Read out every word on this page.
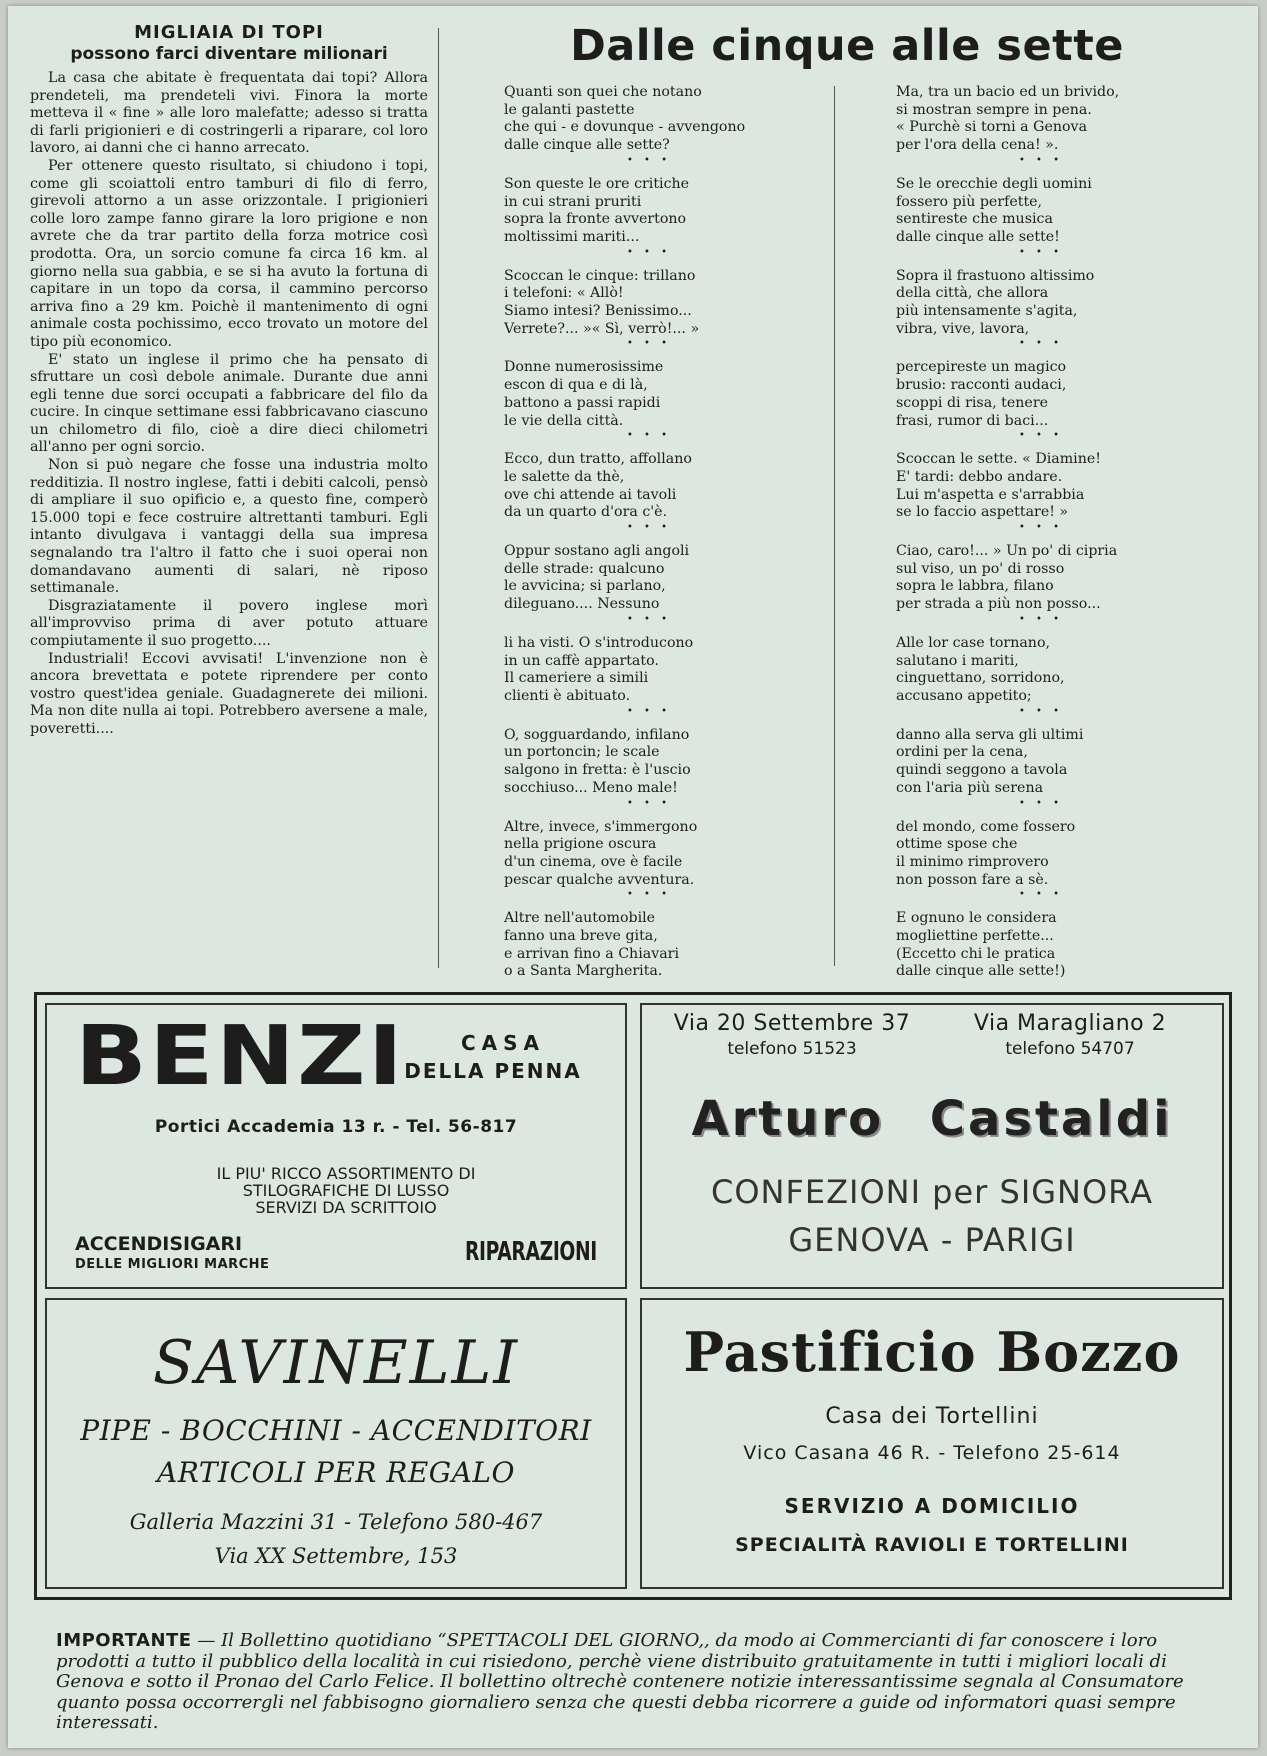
MIGLIAIA DI TOPI
possono farci diventare milionari

La casa che abitate è frequentata dai topi? Allora prendeteli, ma prendeteli vivi. Finora la morte metteva il « fine » alle loro malefatte; adesso si tratta di farli prigionieri e di costringerli a riparare, col loro lavoro, ai danni che ci hanno arrecato.

Per ottenere questo risultato, si chiudono i topi, come gli scoiattoli entro tamburi di filo di ferro, girevoli attorno a un asse orizzontale. I prigionieri colle loro zampe fanno girare la loro prigione e non avrete che da trar partito della forza motrice così prodotta. Ora, un sorcio comune fa circa 16 km. al giorno nella sua gabbia, e se si ha avuto la fortuna di capitare in un topo da corsa, il cammino percorso arriva fino a 29 km. Poichè il mantenimento di ogni animale costa pochissimo, ecco trovato un motore del tipo più economico.

E' stato un inglese il primo che ha pensato di sfruttare un così debole animale. Durante due anni egli tenne due sorci occupati a fabbricare del filo da cucire. In cinque settimane essi fabbricavano ciascuno un chilometro di filo, cioè a dire dieci chilometri all'anno per ogni sorcio.

Non si può negare che fosse una industria molto redditizia. Il nostro inglese, fatti i debiti calcoli, pensò di ampliare il suo opificio e, a questo fine, comperò 15.000 topi e fece costruire altrettanti tamburi. Egli intanto divulgava i vantaggi della sua impresa segnalando tra l'altro il fatto che i suoi operai non domandavano aumenti di salari, nè riposo settimanale.

Disgraziatamente il povero inglese morì all'improvviso prima di aver potuto attuare compiutamente il suo progetto....

Industriali! Eccovi avvisati! L'invenzione non è ancora brevettata e potete riprendere per conto vostro quest'idea geniale. Guadagnerete dei milioni. Ma non dite nulla ai topi. Potrebbero aversene a male, poveretti....

Dalle cinque alle sette
Quanti son quei che notano
le galanti pastette
che qui - e dovunque - avvengono
dalle cinque alle sette?
• • •
Son queste le ore critiche
in cui strani pruriti
sopra la fronte avvertono
moltissimi mariti...
• • •
Scoccan le cinque: trillano
i telefoni: « Allò!
Siamo intesi? Benissimo...
Verrete?... »« Sì, verrò!... »
• • •
Donne numerosissime
escon di qua e di là,
battono a passi rapidi
le vie della città.
• • •
Ecco, dun tratto, affollano
le salette da thè,
ove chi attende ai tavoli
da un quarto d'ora c'è.
• • •
Oppur sostano agli angoli
delle strade: qualcuno
le avvicina; si parlano,
dileguano.... Nessuno
• • •
li ha visti. O s'introducono
in un caffè appartato.
Il cameriere a simili
clienti è abituato.
• • •
O, sogguardando, infilano
un portoncin; le scale
salgono in fretta: è l'uscio
socchiuso... Meno male!
• • •
Altre, invece, s'immergono
nella prigione oscura
d'un cinema, ove è facile
pescar qualche avventura.
• • •
Altre nell'automobile
fanno una breve gita,
e arrivan fino a Chiavari
o a Santa Margherita.
Ma, tra un bacio ed un brivido,
si mostran sempre in pena.
« Purchè si torni a Genova
per l'ora della cena! ».
• • •
Se le orecchie degli uomini
fossero più perfette,
sentireste che musica
dalle cinque alle sette!
• • •
Sopra il frastuono altissimo
della città, che allora
più intensamente s'agita,
vibra, vive, lavora,
• • •
percepireste un magico
brusio: racconti audaci,
scoppi di risa, tenere
frasi, rumor di baci...
• • •
Scoccan le sette. « Diamine!
E' tardi: debbo andare.
Lui m'aspetta e s'arrabbia
se lo faccio aspettare! »
• • •
Ciao, caro!... » Un po' di cipria
sul viso, un po' di rosso
sopra le labbra, filano
per strada a più non posso...
• • •
Alle lor case tornano,
salutano i mariti,
cinguettano, sorridono,
accusano appetito;
• • •
danno alla serva gli ultimi
ordini per la cena,
quindi seggono a tavola
con l'aria più serena
• • •
del mondo, come fossero
ottime spose che
il minimo rimprovero
non posson fare a sè.
• • •
E ognuno le considera
mogliettine perfette...
(Eccetto chi le pratica
dalle cinque alle sette!)
BENZI	CASA
DELLA PENNA
Portici Accademia 13 r. - Tel. 56-817
IL PIU' RICCO ASSORTIMENTO DI
STILOGRAFICHE DI LUSSO
SERVIZI DA SCRITTOIO
ACCENDISIGARI
DELLE MIGLIORI MARCHE	RIPARAZIONI
Via 20 Settembre 37
telefono 51523
Via Maragliano 2
telefono 54707
Arturo Castaldi
CONFEZIONI per SIGNORA
GENOVA - PARIGI
SAVINELLI
PIPE - BOCCHINI - ACCENDITORI
ARTICOLI PER REGALO
Galleria Mazzini 31 - Telefono 580-467
Via XX Settembre, 153
Pastificio Bozzo
Casa dei Tortellini
Vico Casana 46 R. - Telefono 25-614
SERVIZIO A DOMICILIO
SPECIALITÀ RAVIOLI E TORTELLINI
IMPORTANTE — Il Bollettino quotidiano “SPETTACOLI DEL GIORNO,, da modo ai Commercianti di far conoscere i loro prodotti a tutto il pubblico della località in cui risiedono, perchè viene distribuito gratuitamente in tutti i migliori locali di Genova e sotto il Pronao del Carlo Felice. Il bollettino oltrechè contenere notizie interessantissime segnala al Consumatore quanto possa occorrergli nel fabbisogno giornaliero senza che questi debba ricorrere a guide od informatori quasi sempre interessati.
